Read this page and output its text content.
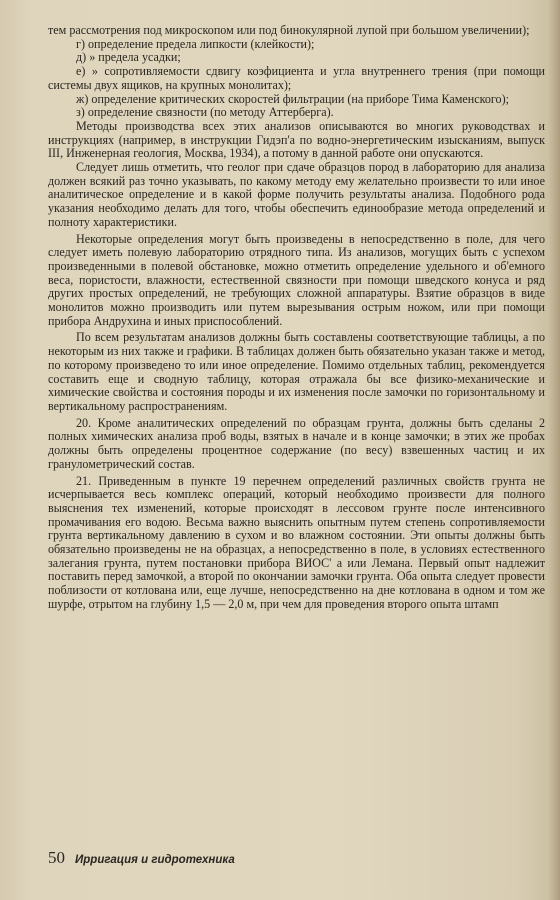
тем рассмотрения под микроскопом или под бинокулярной лупой при большом увеличении);

г) определение предела липкости (клейкости);

д) » предела усадки;

е) » сопротивляемости сдвигу коэфициента и угла внутреннего трения (при помощи системы двух ящиков, на крупных монолитах);

ж) определение критических скоростей фильтрации (на приборе Тима Каменского);

з) определение связности (по методу Аттерберга).

Методы производства всех этих анализов описываются во многих руководствах и инструкциях (например, в инструкции Гидэп'а по водно-энергетическим изысканиям, выпуск III, Инженерная геология, Москва, 1934), а потому в данной работе они опускаются.

Следует лишь отметить, что геолог при сдаче образцов пород в лабораторию для анализа должен всякий раз точно указывать, по какому методу ему желательно произвести то или иное аналитическое определение и в какой форме получить результаты анализа. Подобного рода указания необходимо делать для того, чтобы обеспечить единообразие метода определений и полноту характеристики.

Некоторые определения могут быть произведены в непосредственно в поле, для чего следует иметь полевую лабораторию отрядного типа. Из анализов, могущих быть с успехом произведенными в полевой обстановке, можно отметить определение удельного и об'емного веса, пористости, влажности, естественной связности при помощи шведского конуса и ряд других простых определений, не требующих сложной аппаратуры. Взятие образцов в виде монолитов можно производить или путем вырезывания острым ножом, или при помощи прибора Андрухина и иных приспособлений.

По всем результатам анализов должны быть составлены соответствующие таблицы, а по некоторым из них также и графики. В таблицах должен быть обязательно указан также и метод, по которому произведено то или иное определение. Помимо отдельных таблиц, рекомендуется составить еще и сводную таблицу, которая отражала бы все физико-механические и химические свойства и состояния породы и их изменения после замочки по горизонтальному и вертикальному распространениям.

20. Кроме аналитических определений по образцам грунта, должны быть сделаны 2 полных химических анализа проб воды, взятых в начале и в конце замочки; в этих же пробах должны быть определены процентное содержание (по весу) взвешенных частиц и их гранулометрический состав.

21. Приведенным в пункте 19 перечнем определений различных свойств грунта не исчерпывается весь комплекс операций, который необходимо произвести для полного выяснения тех изменений, которые происходят в лессовом грунте после интенсивного промачивания его водою. Весьма важно выяснить опытным путем степень сопротивляемости грунта вертикальному давлению в сухом и во влажном состоянии. Эти опыты должны быть обязательно произведены не на образцах, а непосредственно в поле, в условиях естественного залегания грунта, путем постановки прибора ВИОС' а или Лемана. Первый опыт надлежит поставить перед замочкой, а второй по окончании замочки грунта. Оба опыта следует провести поблизости от котлована или, еще лучше, непосредственно на дне котлована в одном и том же шурфе, отрытом на глубину 1,5 — 2,0 м, при чем для проведения второго опыта штамп

50 Ирригация и гидротехника
